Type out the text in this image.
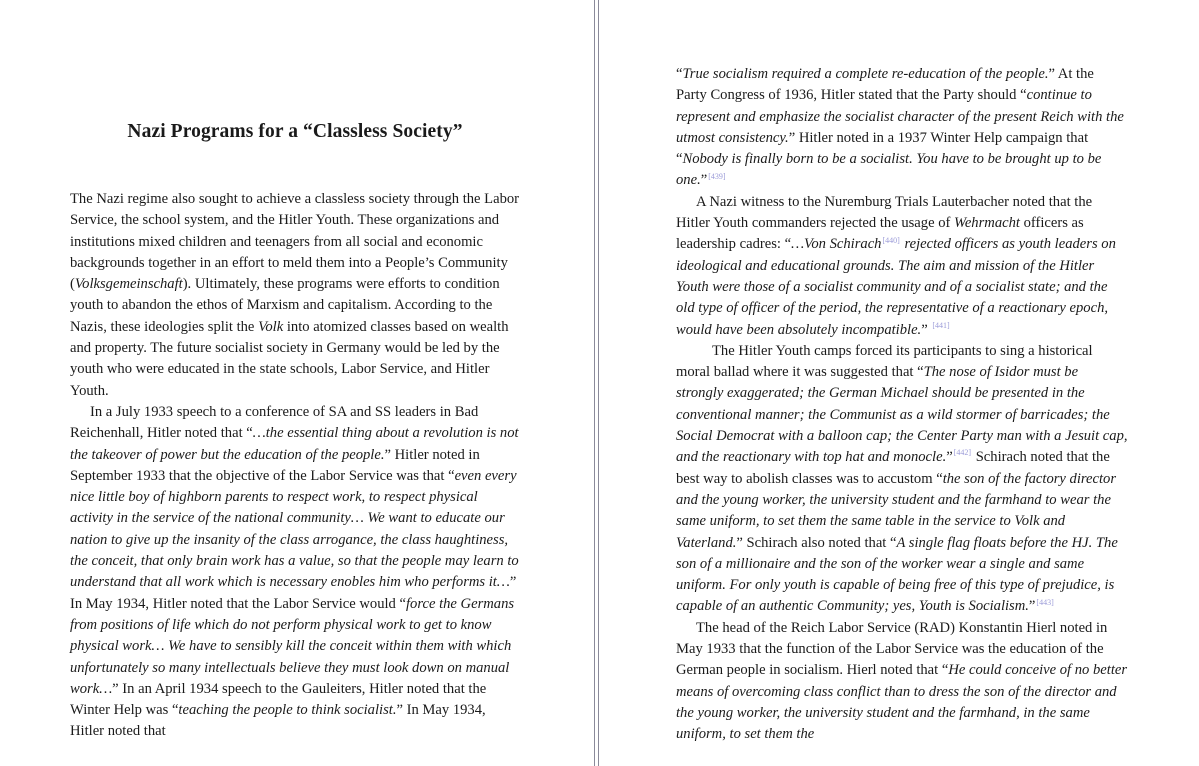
Nazi Programs for a “Classless Society”

The Nazi regime also sought to achieve a classless society through the Labor Service, the school system, and the Hitler Youth. These organizations and institutions mixed children and teenagers from all social and economic backgrounds together in an effort to meld them into a People’s Community (Volksgemeinschaft). Ultimately, these programs were efforts to condition youth to abandon the ethos of Marxism and capitalism. According to the Nazis, these ideologies split the Volk into atomized classes based on wealth and property. The future socialist society in Germany would be led by the youth who were educated in the state schools, Labor Service, and Hitler Youth.

In a July 1933 speech to a conference of SA and SS leaders in Bad Reichenhall, Hitler noted that “…the essential thing about a revolution is not the takeover of power but the education of the people.” Hitler noted in September 1933 that the objective of the Labor Service was that “even every nice little boy of highborn parents to respect work, to respect physical activity in the service of the national community… We want to educate our nation to give up the insanity of the class arrogance, the class haughtiness, the conceit, that only brain work has a value, so that the people may learn to understand that all work which is necessary enobles him who performs it…” In May 1934, Hitler noted that the Labor Service would “force the Germans from positions of life which do not perform physical work to get to know physical work… We have to sensibly kill the conceit within them with which unfortunately so many intellectuals believe they must look down on manual work…” In an April 1934 speech to the Gauleiters, Hitler noted that the Winter Help was “teaching the people to think socialist.” In May 1934, Hitler noted that

“True socialism required a complete re-education of the people.” At the Party Congress of 1936, Hitler stated that the Party should “continue to represent and emphasize the socialist character of the present Reich with the utmost consistency.” Hitler noted in a 1937 Winter Help campaign that “Nobody is finally born to be a socialist. You have to be brought up to be one.”[439]

A Nazi witness to the Nuremburg Trials Lauterbacher noted that the Hitler Youth commanders rejected the usage of Wehrmacht officers as leadership cadres: “…Von Schirach[440] rejected officers as youth leaders on ideological and educational grounds. The aim and mission of the Hitler Youth were those of a socialist community and of a socialist state; and the old type of officer of the period, the representative of a reactionary epoch, would have been absolutely incompatible.” [441]

The Hitler Youth camps forced its participants to sing a historical moral ballad where it was suggested that “The nose of Isidor must be strongly exaggerated; the German Michael should be presented in the conventional manner; the Communist as a wild stormer of barricades; the Social Democrat with a balloon cap; the Center Party man with a Jesuit cap, and the reactionary with top hat and monocle.”[442] Schirach noted that the best way to abolish classes was to accustom “the son of the factory director and the young worker, the university student and the farmhand to wear the same uniform, to set them the same table in the service to Volk and Vaterland.” Schirach also noted that “A single flag floats before the HJ. The son of a millionaire and the son of the worker wear a single and same uniform. For only youth is capable of being free of this type of prejudice, is capable of an authentic Community; yes, Youth is Socialism.”[443]

The head of the Reich Labor Service (RAD) Konstantin Hierl noted in May 1933 that the function of the Labor Service was the education of the German people in socialism. Hierl noted that “He could conceive of no better means of overcoming class conflict than to dress the son of the director and the young worker, the university student and the farmhand, in the same uniform, to set them the
